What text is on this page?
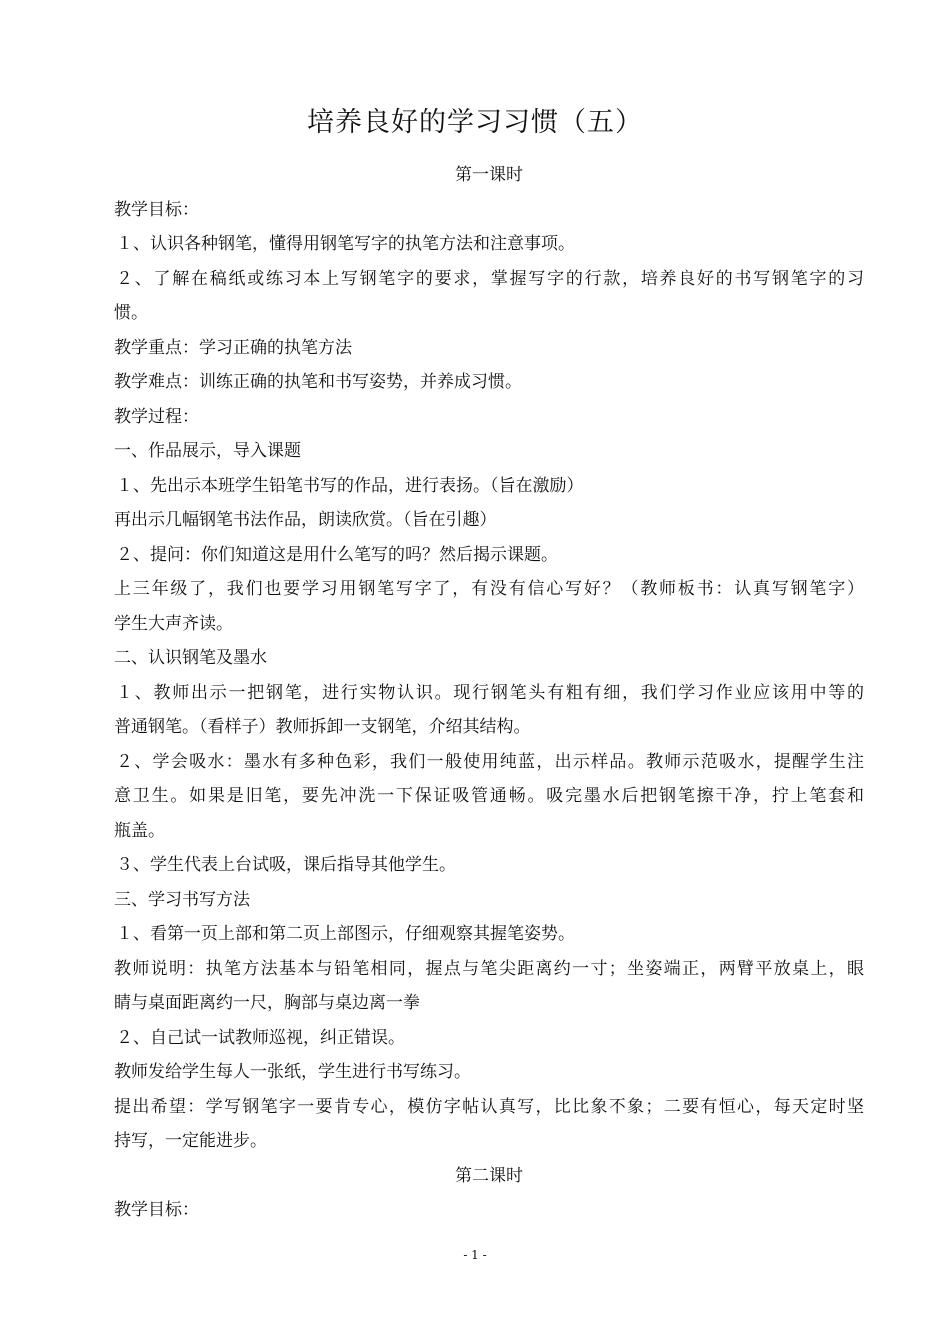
培养良好的学习习惯（五）
第一课时
教学目标：
１、认识各种钢笔，懂得用钢笔写字的执笔方法和注意事项。
２、了解在稿纸或练习本上写钢笔字的要求，掌握写字的行款，培养良好的书写钢笔字的习
惯。
教学重点：学习正确的执笔方法
教学难点：训练正确的执笔和书写姿势，并养成习惯。
教学过程：
一、作品展示，导入课题
１、先出示本班学生铅笔书写的作品，进行表扬。（旨在激励）
再出示几幅钢笔书法作品，朗读欣赏。（旨在引趣）
２、提问：你们知道这是用什么笔写的吗？然后揭示课题。
上三年级了，我们也要学习用钢笔写字了，有没有信心写好？（教师板书：认真写钢笔字）
学生大声齐读。
二、认识钢笔及墨水
１、教师出示一把钢笔，进行实物认识。现行钢笔头有粗有细，我们学习作业应该用中等的
普通钢笔。（看样子）教师拆卸一支钢笔，介绍其结构。
２、学会吸水：墨水有多种色彩，我们一般使用纯蓝，出示样品。教师示范吸水，提醒学生注
意卫生。如果是旧笔，要先冲洗一下保证吸管通畅。吸完墨水后把钢笔擦干净，拧上笔套和
瓶盖。
３、学生代表上台试吸，课后指导其他学生。
三、学习书写方法
１、看第一页上部和第二页上部图示，仔细观察其握笔姿势。
教师说明：执笔方法基本与铅笔相同，握点与笔尖距离约一寸；坐姿端正，两臂平放桌上，眼
睛与桌面距离约一尺，胸部与桌边离一拳
２、自己试一试教师巡视，纠正错误。
教师发给学生每人一张纸，学生进行书写练习。
提出希望：学写钢笔字一要肯专心，模仿字帖认真写，比比象不象；二要有恒心，每天定时坚
持写，一定能进步。
第二课时
教学目标：
- 1 -
